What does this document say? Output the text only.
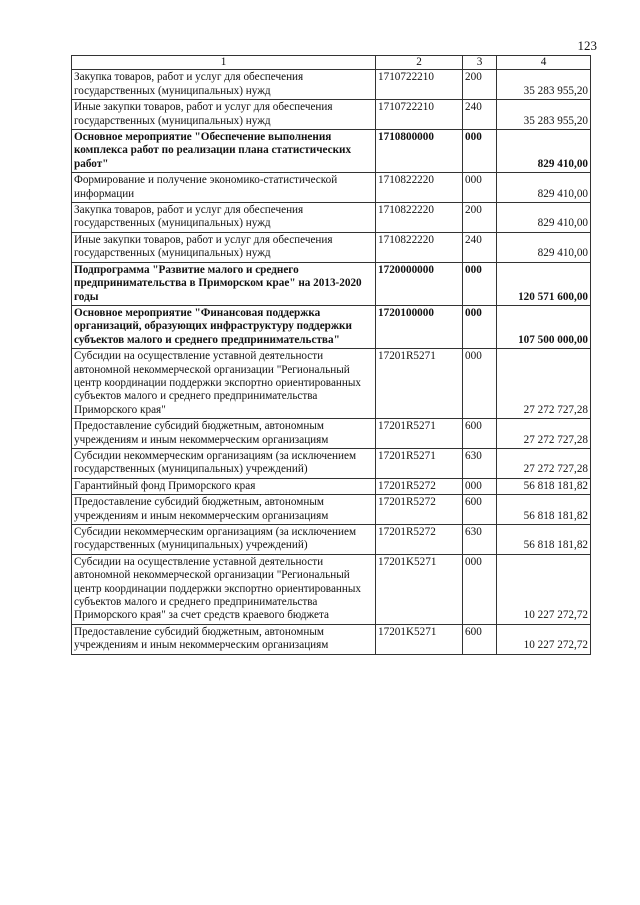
123
1	2	3	4
Закупка товаров, работ и услуг для обеспечения государственных (муниципальных) нужд	1710722210	200	35 283 955,20
Иные закупки товаров, работ и услуг для обеспечения государственных (муниципальных) нужд	1710722210	240	35 283 955,20
Основное мероприятие "Обеспечение выполнения комплекса работ по реализации плана статистических работ"	1710800000	000	829 410,00
Формирование и получение экономико-статистической информации	1710822220	000	829 410,00
Закупка товаров, работ и услуг для обеспечения государственных (муниципальных) нужд	1710822220	200	829 410,00
Иные закупки товаров, работ и услуг для обеспечения государственных (муниципальных) нужд	1710822220	240	829 410,00
Подпрограмма "Развитие малого и среднего предпринимательства в Приморском крае" на 2013-2020 годы	1720000000	000	120 571 600,00
Основное мероприятие "Финансовая поддержка организаций, образующих инфраструктуру поддержки субъектов малого и среднего предпринимательства"	1720100000	000	107 500 000,00
Субсидии на осуществление уставной деятельности автономной некоммерческой организации "Региональный центр координации поддержки экспортно ориентированных субъектов малого и среднего предпринимательства Приморского края"	17201R5271	000	27 272 727,28
Предоставление субсидий бюджетным, автономным учреждениям и иным некоммерческим организациям	17201R5271	600	27 272 727,28
Субсидии некоммерческим организациям (за исключением государственных (муниципальных) учреждений)	17201R5271	630	27 272 727,28
Гарантийный фонд Приморского края	17201R5272	000	56 818 181,82
Предоставление субсидий бюджетным, автономным учреждениям и иным некоммерческим организациям	17201R5272	600	56 818 181,82
Субсидии некоммерческим организациям (за исключением государственных (муниципальных) учреждений)	17201R5272	630	56 818 181,82
Субсидии на осуществление уставной деятельности автономной некоммерческой организации "Региональный центр координации поддержки экспортно ориентированных субъектов малого и среднего предпринимательства Приморского края" за счет средств краевого бюджета	17201K5271	000	10 227 272,72
Предоставление субсидий бюджетным, автономным учреждениям и иным некоммерческим организациям	17201K5271	600	10 227 272,72
